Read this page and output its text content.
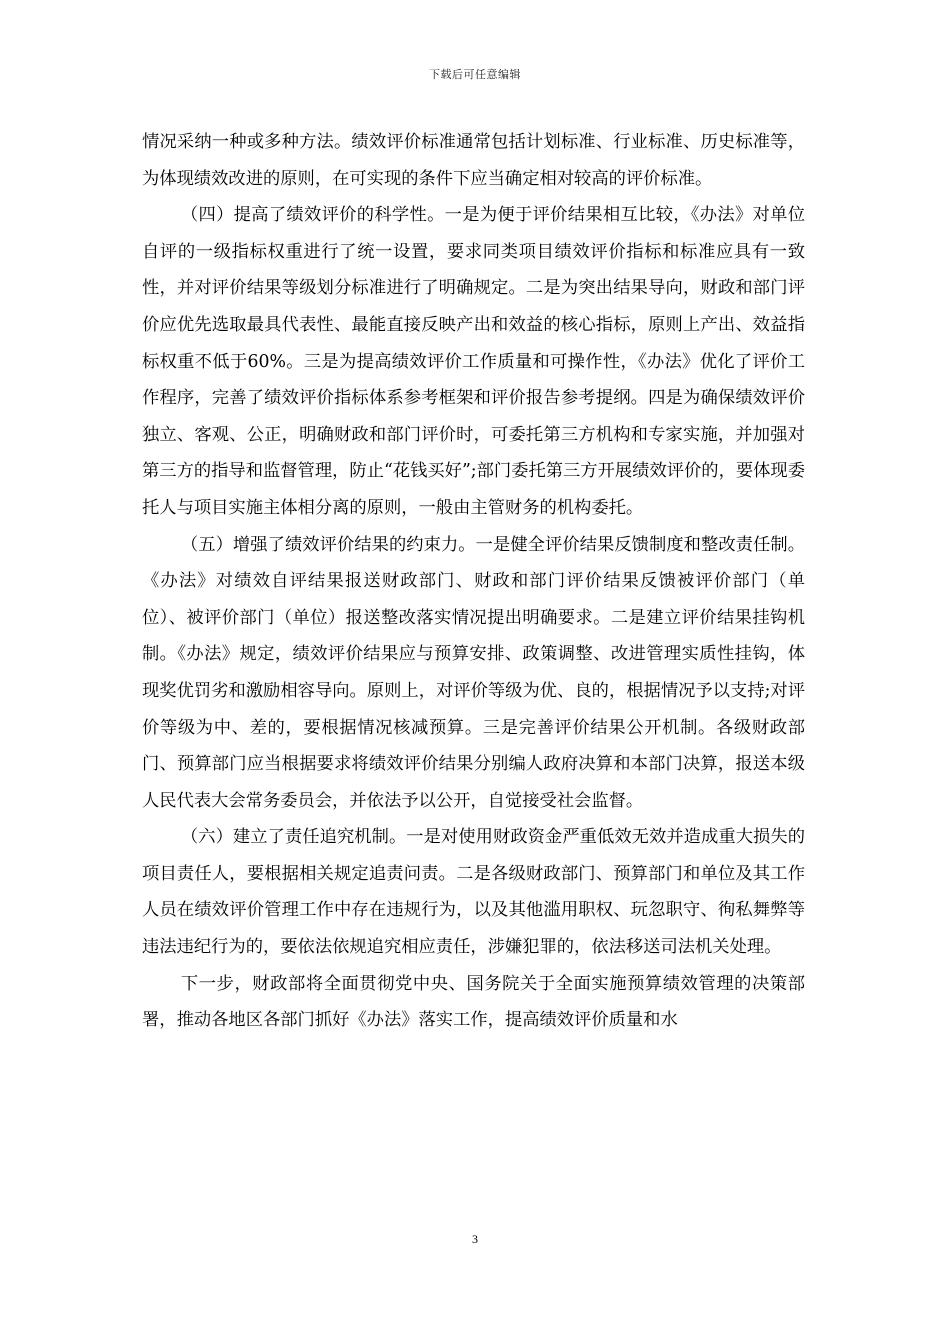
下载后可任意编辑

情况采纳一种或多种方法。绩效评价标准通常包括计划标准、行业标准、历史标准等，为体现绩效改进的原则，在可实现的条件下应当确定相对较高的评价标准。

（四）提高了绩效评价的科学性。一是为便于评价结果相互比较，《办法》对单位自评的一级指标权重进行了统一设置，要求同类项目绩效评价指标和标准应具有一致性，并对评价结果等级划分标准进行了明确规定。二是为突出结果导向，财政和部门评价应优先选取最具代表性、最能直接反映产出和效益的核心指标，原则上产出、效益指标权重不低于60%。三是为提高绩效评价工作质量和可操作性，《办法》优化了评价工作程序，完善了绩效评价指标体系参考框架和评价报告参考提纲。四是为确保绩效评价独立、客观、公正，明确财政和部门评价时，可委托第三方机构和专家实施，并加强对第三方的指导和监督管理，防止“花钱买好”;部门委托第三方开展绩效评价的，要体现委托人与项目实施主体相分离的原则，一般由主管财务的机构委托。

（五）增强了绩效评价结果的约束力。一是健全评价结果反馈制度和整改责任制。《办法》对绩效自评结果报送财政部门、财政和部门评价结果反馈被评价部门（单位）、被评价部门（单位）报送整改落实情况提出明确要求。二是建立评价结果挂钩机制。《办法》规定，绩效评价结果应与预算安排、政策调整、改进管理实质性挂钩，体现奖优罚劣和激励相容导向。原则上，对评价等级为优、良的，根据情况予以支持;对评价等级为中、差的，要根据情况核减预算。三是完善评价结果公开机制。各级财政部门、预算部门应当根据要求将绩效评价结果分别编人政府决算和本部门决算，报送本级人民代表大会常务委员会，并依法予以公开，自觉接受社会监督。

（六）建立了责任追究机制。一是对使用财政资金严重低效无效并造成重大损失的项目责任人，要根据相关规定追责问责。二是各级财政部门、预算部门和单位及其工作人员在绩效评价管理工作中存在违规行为，以及其他滥用职权、玩忽职守、徇私舞弊等违法违纪行为的，要依法依规追究相应责任，涉嫌犯罪的，依法移送司法机关处理。

下一步，财政部将全面贯彻党中央、国务院关于全面实施预算绩效管理的决策部署，推动各地区各部门抓好《办法》落实工作，提高绩效评价质量和水

3
